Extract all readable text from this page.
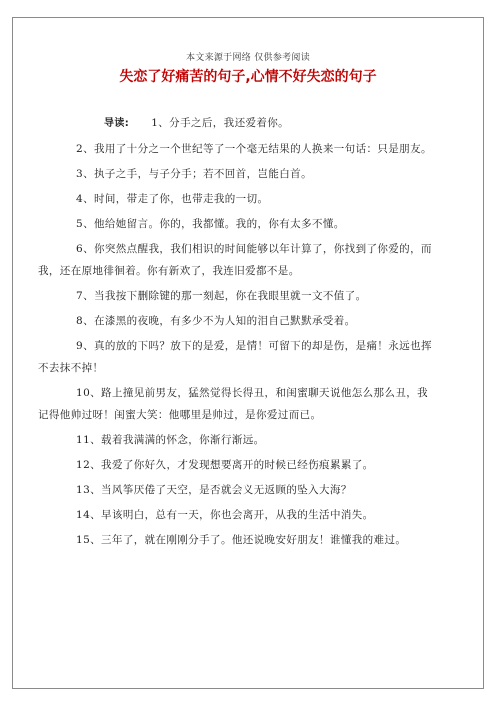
本文来源于网络 仅供参考阅读
失恋了好痛苦的句子,心情不好失恋的句子

导读: 1、分手之后，我还爱着你。

2、我用了十分之一个世纪等了一个毫无结果的人换来一句话：只是朋友。

3、执子之手，与子分手；若不回首，岂能白首。

4、时间，带走了你，也带走我的一切。

5、他给她留言。你的，我都懂。我的，你有太多不懂。

6、你突然点醒我，我们相识的时间能够以年计算了，你找到了你爱的，而我，还在原地徘徊着。你有新欢了，我连旧爱都不是。

7、当我按下删除键的那一刻起，你在我眼里就一文不值了。

8、在漆黑的夜晚，有多少不为人知的泪自己默默承受着。

9、真的放的下吗？放下的是爱，是情！可留下的却是伤，是痛！永远也挥不去抹不掉！

10、路上撞见前男友，猛然觉得长得丑，和闺蜜聊天说他怎么那么丑，我记得他帅过呀！闺蜜大笑：他哪里是帅过，是你爱过而已。

11、载着我满满的怀念，你渐行渐远。

12、我爱了你好久，才发现想要离开的时候已经伤痕累累了。

13、当风筝厌倦了天空，是否就会义无返顾的坠入大海？

14、早该明白，总有一天，你也会离开，从我的生活中消失。

15、三年了，就在刚刚分手了。他还说晚安好朋友！谁懂我的难过。
